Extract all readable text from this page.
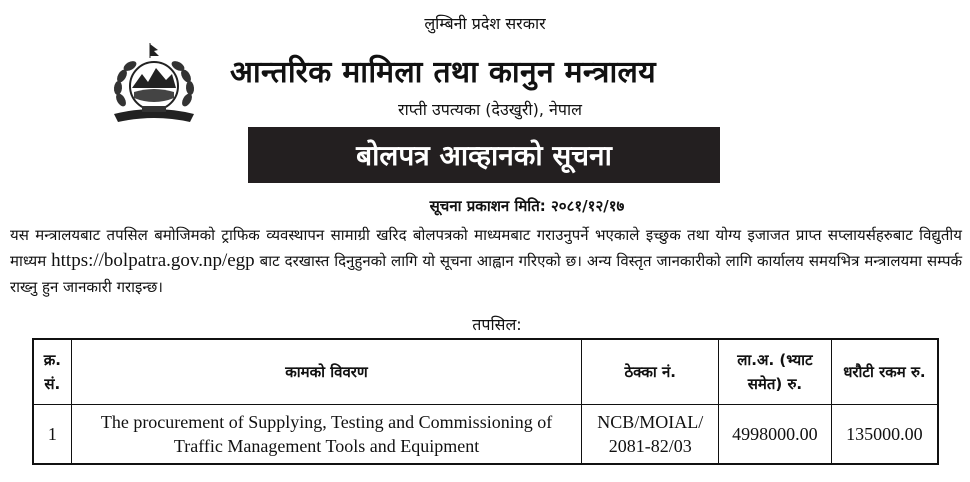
लुम्बिनी प्रदेश सरकार
आन्तरिक मामिला तथा कानुन मन्त्रालय
राप्ती उपत्यका (देउखुरी), नेपाल
बोलपत्र आव्हानको सूचना
सूचना प्रकाशन मिति: २०८१/१२/१७
यस मन्त्रालयबाट तपसिल बमोजिमको ट्राफिक व्यवस्थापन सामाग्री खरिद बोलपत्रको माध्यमबाट गराउनुपर्ने भएकाले इच्छुक तथा योग्य इजाजत प्राप्त सप्लायर्सहरुबाट विद्युतीय माध्यम https://bolpatra.gov.np/egp बाट दरखास्त दिनुहुनको लागि यो सूचना आह्वान गरिएको छ। अन्य विस्तृत जानकारीको लागि कार्यालय समयभित्र मन्त्रालयमा सम्पर्क राख्नु हुन जानकारी गराइन्छ।
तपसिल:
क्र. सं.	कामको विवरण	ठेक्का नं.	ला.अ. (भ्याट समेत) रु.	धरौटी रकम रु.
1	The procurement of Supplying, Testing and Commissioning of Traffic Management Tools and Equipment	NCB/MOIAL/ 2081-82/03	4998000.00	135000.00
